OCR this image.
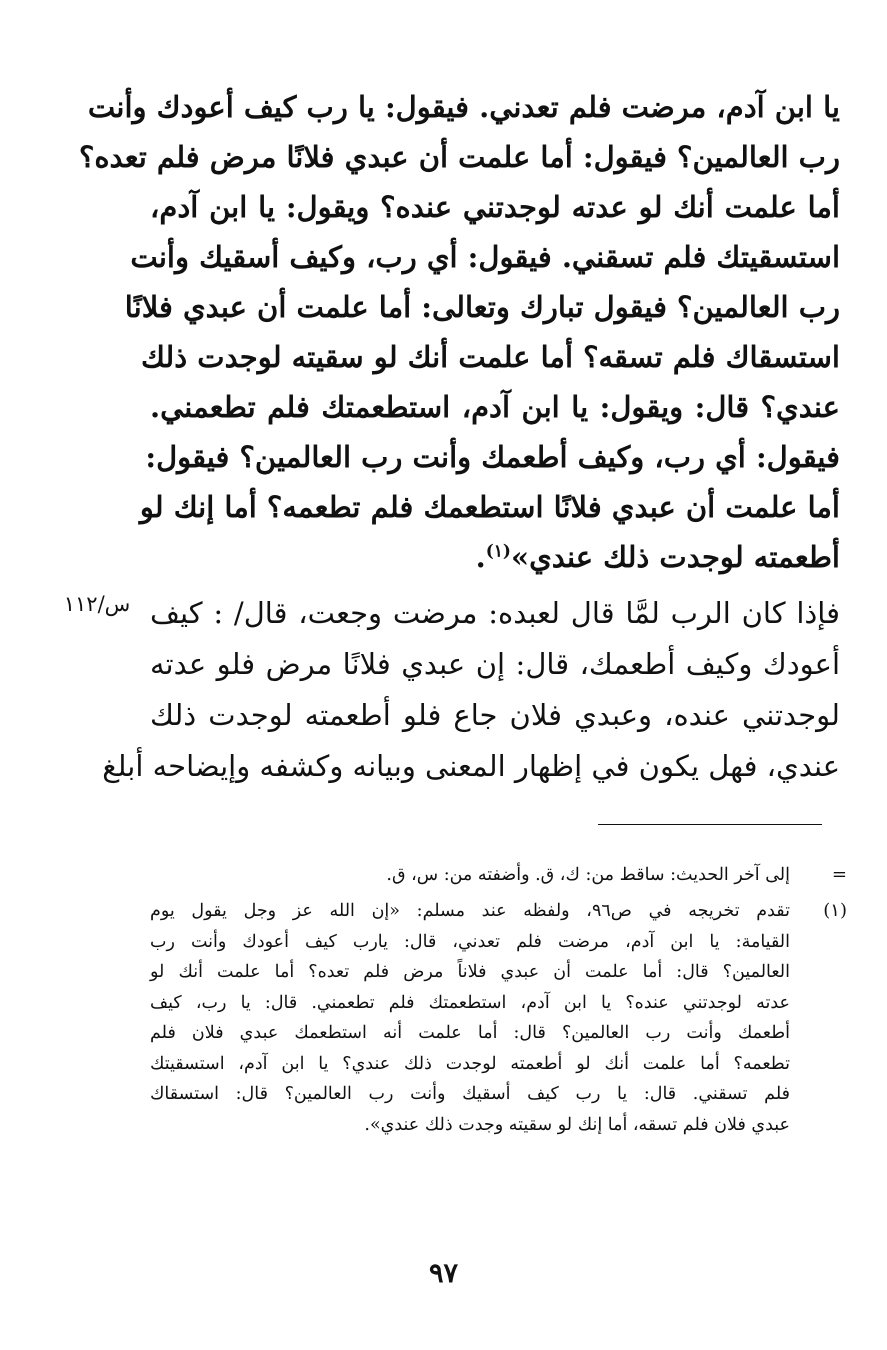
يا ابن آدم، مرضت فلم تعدني. فيقول: يا رب كيف أعودك وأنت
رب العالمين؟ فيقول: أما علمت أن عبدي فلانًا مرض فلم تعده؟
أما علمت أنك لو عدته لوجدتني عنده؟ ويقول: يا ابن آدم،
استسقيتك فلم تسقني. فيقول: أي رب، وكيف أسقيك وأنت
رب العالمين؟ فيقول تبارك وتعالى: أما علمت أن عبدي فلانًا
استسقاك فلم تسقه؟ أما علمت أنك لو سقيته لوجدت ذلك
عندي؟ قال: ويقول: يا ابن آدم، استطعمتك فلم تطعمني.
فيقول: أي رب، وكيف أطعمك وأنت رب العالمين؟ فيقول:
أما علمت أن عبدي فلانًا استطعمك فلم تطعمه؟ أما إنك لو
أطعمته لوجدت ذلك عندي»$^{(١)}$.
س/١١٢ فإذا كان الرب لمَّا قال لعبده: مرضت وجعت، قال/ : كيف
أعودك وكيف أطعمك، قال: إن عبدي فلانًا مرض فلو عدته
لوجدتني عنده، وعبدي فلان جاع فلو أطعمته لوجدت ذلك
عندي، فهل يكون في إظهار المعنى وبيانه وكشفه وإيضاحه أبلغ
=
إلى آخر الحديث: ساقط من: ك، ق. وأضفته من: س، ق.
(١)
تقدم تخريجه في ص٩٦، ولفظه عند مسلم: «إن الله عز وجل يقول يوم
القيامة: يا ابن آدم، مرضت فلم تعدني، قال: يارب كيف أعودك وأنت رب
العالمين؟ قال: أما علمت أن عبدي فلاناً مرض فلم تعده؟ أما علمت أنك لو
عدته لوجدتني عنده؟ يا ابن آدم، استطعمتك فلم تطعمني. قال: يا رب، كيف
أطعمك وأنت رب العالمين؟ قال: أما علمت أنه استطعمك عبدي فلان فلم
تطعمه؟ أما علمت أنك لو أطعمته لوجدت ذلك عندي؟ يا ابن آدم، استسقيتك
فلم تسقني. قال: يا رب كيف أسقيك وأنت رب العالمين؟ قال: استسقاك
عبدي فلان فلم تسقه، أما إنك لو سقيته وجدت ذلك عندي».
٩٧
